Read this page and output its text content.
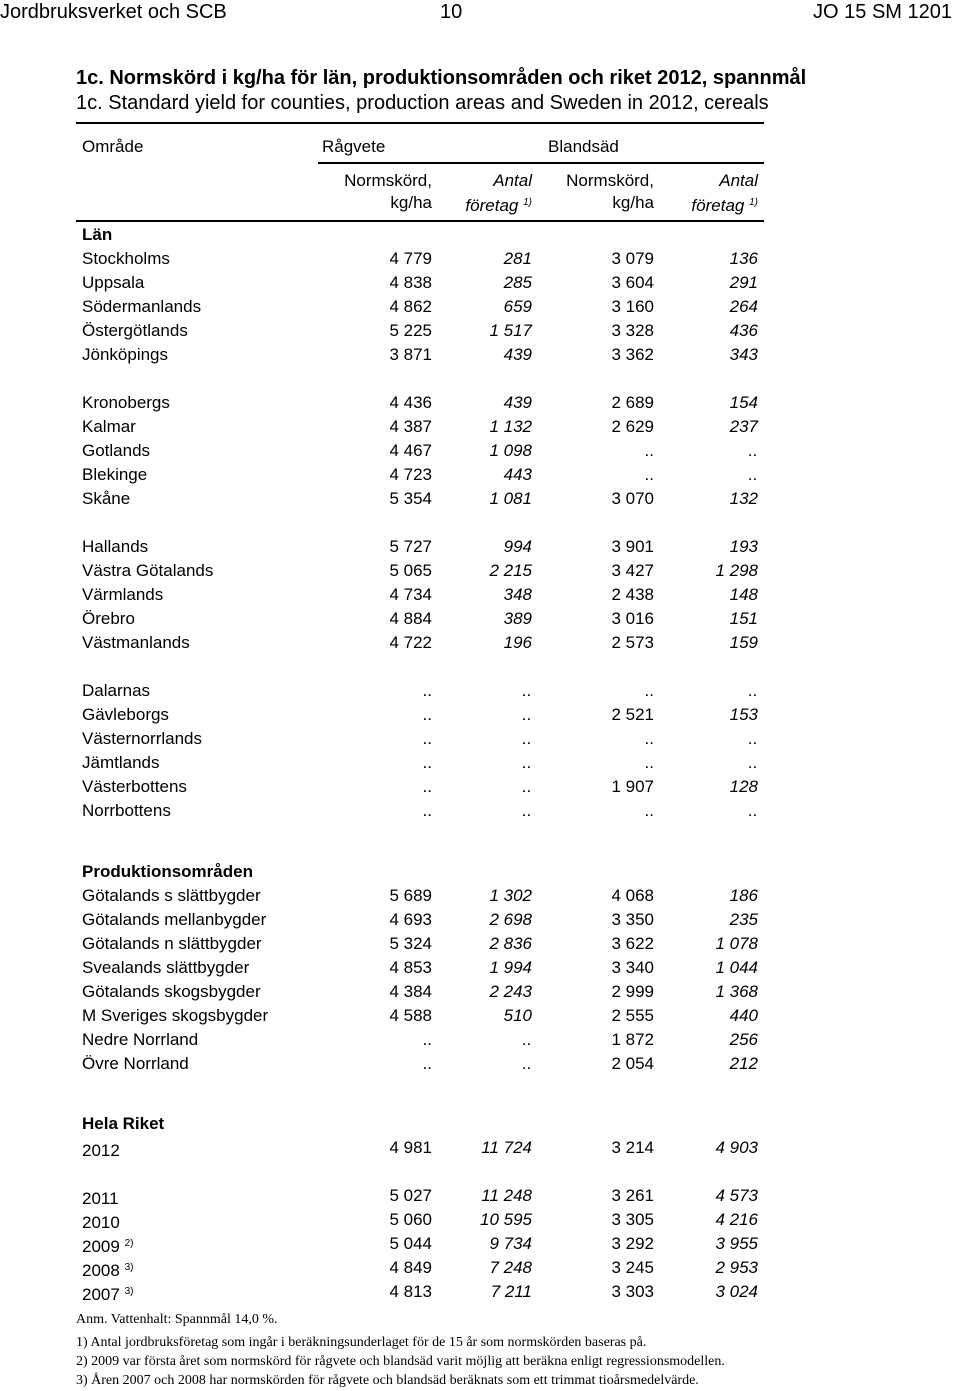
Jordbruksverket och SCB	10	JO 15 SM 1201
1c. Normskörd i kg/ha för län, produktionsområden och riket 2012, spannmål
1c. Standard yield for counties, production areas and Sweden in 2012, cereals
Område	Rågvete	Blandsäd
Normskörd,
kg/ha
Antal
företag $^{1)}$
Normskörd,
kg/ha
Antal
företag $^{1)}$
Län
Produktionsområden
Hela Riket
Stockholms	4 779	281	3 079	136
Uppsala	4 838	285	3 604	291
Södermanlands	4 862	659	3 160	264
Östergötlands	5 225	1 517	3 328	436
Jönköpings	3 871	439	3 362	343
Kronobergs	4 436	439	2 689	154
Kalmar	4 387	1 132	2 629	237
Gotlands	4 467	1 098	..	..
Blekinge	4 723	443	..	..
Skåne	5 354	1 081	3 070	132
Hallands	5 727	994	3 901	193
Västra Götalands	5 065	2 215	3 427	1 298
Värmlands	4 734	348	2 438	148
Örebro	4 884	389	3 016	151
Västmanlands	4 722	196	2 573	159
Dalarnas	..	..	..	..
Gävleborgs	..	..	2 521	153
Västernorrlands	..	..	..	..
Jämtlands	..	..	..	..
Västerbottens	..	..	1 907	128
Norrbottens	..	..	..	..
Götalands s slättbygder	5 689	1 302	4 068	186
Götalands mellanbygder	4 693	2 698	3 350	235
Götalands n slättbygder	5 324	2 836	3 622	1 078
Svealands slättbygder	4 853	1 994	3 340	1 044
Götalands skogsbygder	4 384	2 243	2 999	1 368
M Sveriges skogsbygder	4 588	510	2 555	440
Nedre Norrland	..	..	1 872	256
Övre Norrland	..	..	2 054	212
2012	4 981	11 724	3 214	4 903
2011	5 027	11 248	3 261	4 573
2010	5 060	10 595	3 305	4 216
2009 $^{2)}$	5 044	9 734	3 292	3 955
2008 $^{3)}$	4 849	7 248	3 245	2 953
2007 $^{3)}$	4 813	7 211	3 303	3 024
Anm. Vattenhalt: Spannmål 14,0 %.
1) Antal jordbruksföretag som ingår i beräkningsunderlaget för de 15 år som normskörden baseras på.
2) 2009 var första året som normskörd för rågvete och blandsäd varit möjlig att beräkna enligt regressionsmodellen.
3) Åren 2007 och 2008 har normskörden för rågvete och blandsäd beräknats som ett trimmat tioårsmedelvärde.
